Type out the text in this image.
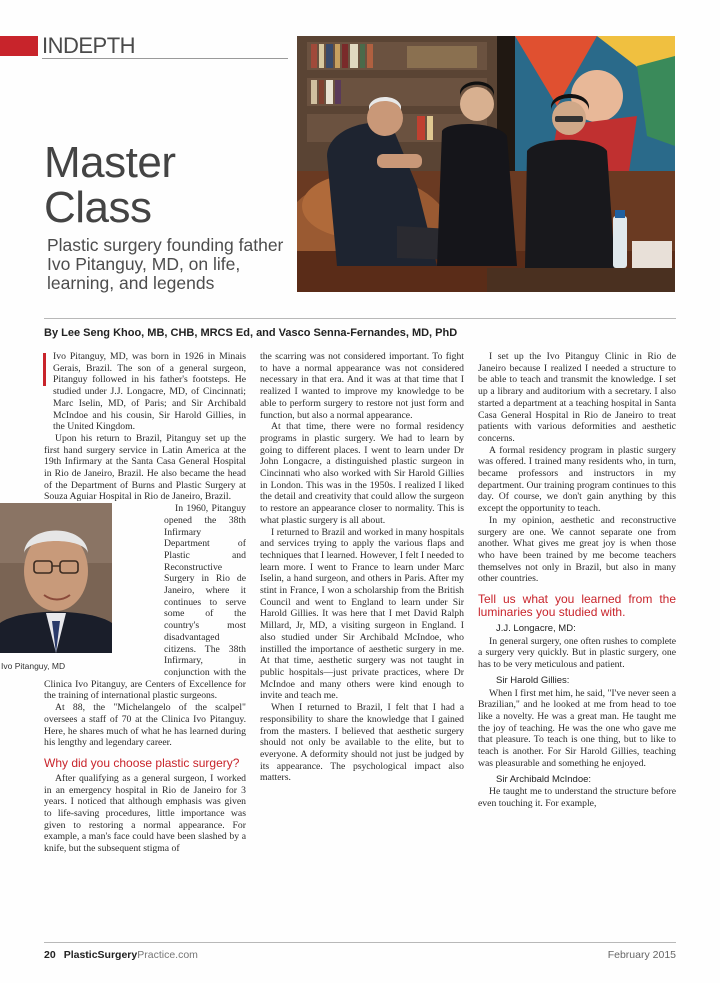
INDEPTH
Master
Class
Plastic surgery founding father Ivo Pitanguy, MD, on life, learning, and legends
By Lee Seng Khoo, MB, CHB, MRCS Ed, and Vasco Senna-Fernandes, MD, PhD

Ivo Pitanguy, MD, was born in 1926 in Minais Gerais, Brazil. The son of a general surgeon, Pitanguy followed in his father's footsteps. He studied under J.J. Longacre, MD, of Cincinnati; Marc Iselin, MD, of Paris; and Sir Archibald McIndoe and his cousin, Sir Harold Gillies, in the United Kingdom.

Upon his return to Brazil, Pitanguy set up the first hand surgery service in Latin America at the 19th Infirmary at the Santa Casa General Hospital in Rio de Janeiro, Brazil. He also became the head of the Department of Burns and Plastic Surgery at Souza Aguiar Hospital in Rio de Janeiro, Brazil.

Ivo Pitanguy, MD

In 1960, Pitanguy opened the 38th Infirmary Department of Plastic and Reconstructive Surgery in Rio de Janeiro, where it continues to serve some of the country's most disadvantaged citizens. The 38th Infirmary, in conjunction with the Clinica Ivo Pitanguy, are Centers of Excellence for the training of international plastic surgeons.

At 88, the "Michelangelo of the scalpel" oversees a staff of 70 at the Clinica Ivo Pitanguy. Here, he shares much of what he has learned during his lengthy and legendary career.

Why did you choose plastic surgery?

After qualifying as a general surgeon, I worked in an emergency hospital in Rio de Janeiro for 3 years. I noticed that although emphasis was given to life-saving procedures, little importance was given to restoring a normal appearance. For example, a man's face could have been slashed by a knife, but the subsequent stigma of

the scarring was not considered important. To fight to have a normal appearance was not considered necessary in that era. And it was at that time that I realized I wanted to improve my knowledge to be able to perform surgery to restore not just form and function, but also a normal appearance.

At that time, there were no formal residency programs in plastic surgery. We had to learn by going to different places. I went to learn under Dr John Longacre, a distinguished plastic surgeon in Cincinnati who also worked with Sir Harold Gillies in London. This was in the 1950s. I realized I liked the detail and creativity that could allow the surgeon to restore an appearance closer to normality. This is what plastic surgery is all about.

I returned to Brazil and worked in many hospitals and services trying to apply the various flaps and techniques that I learned. However, I felt I needed to learn more. I went to France to learn under Marc Iselin, a hand surgeon, and others in Paris. After my stint in France, I won a scholarship from the British Council and went to England to learn under Sir Harold Gillies. It was here that I met David Ralph Millard, Jr, MD, a visiting surgeon in England. I also studied under Sir Archibald McIndoe, who instilled the importance of aesthetic surgery in me. At that time, aesthetic surgery was not taught in public hospitals—just private practices, where Dr McIndoe and many others were kind enough to invite and teach me.

When I returned to Brazil, I felt that I had a responsibility to share the knowledge that I gained from the masters. I believed that aesthetic surgery should not only be available to the elite, but to everyone. A deformity should not just be judged by its appearance. The psychological impact also matters.

I set up the Ivo Pitanguy Clinic in Rio de Janeiro because I realized I needed a structure to be able to teach and transmit the knowledge. I set up a library and auditorium with a secretary. I also started a department at a teaching hospital in Santa Casa General Hospital in Rio de Janeiro to treat patients with various deformities and aesthetic concerns.

A formal residency program in plastic surgery was offered. I trained many residents who, in turn, became professors and instructors in my department. Our training program continues to this day. Of course, we don't gain anything by this except the opportunity to teach.

In my opinion, aesthetic and reconstructive surgery are one. We cannot separate one from another. What gives me great joy is when those who have been trained by me become teachers themselves not only in Brazil, but also in many other countries.

Tell us what you learned from the luminaries you studied with.
J.J. Longacre, MD:

In general surgery, one often rushes to complete a surgery very quickly. But in plastic surgery, one has to be very meticulous and patient.

Sir Harold Gillies:

When I first met him, he said, "I've never seen a Brazilian," and he looked at me from head to toe like a novelty. He was a great man. He taught me the joy of teaching. He was the one who gave me that pleasure. To teach is one thing, but to like to teach is another. For Sir Harold Gillies, teaching was pleasurable and something he enjoyed.

Sir Archibald McIndoe:

He taught me to understand the structure before even touching it. For example,

20 PlasticSurgeryPractice.com	February 2015
